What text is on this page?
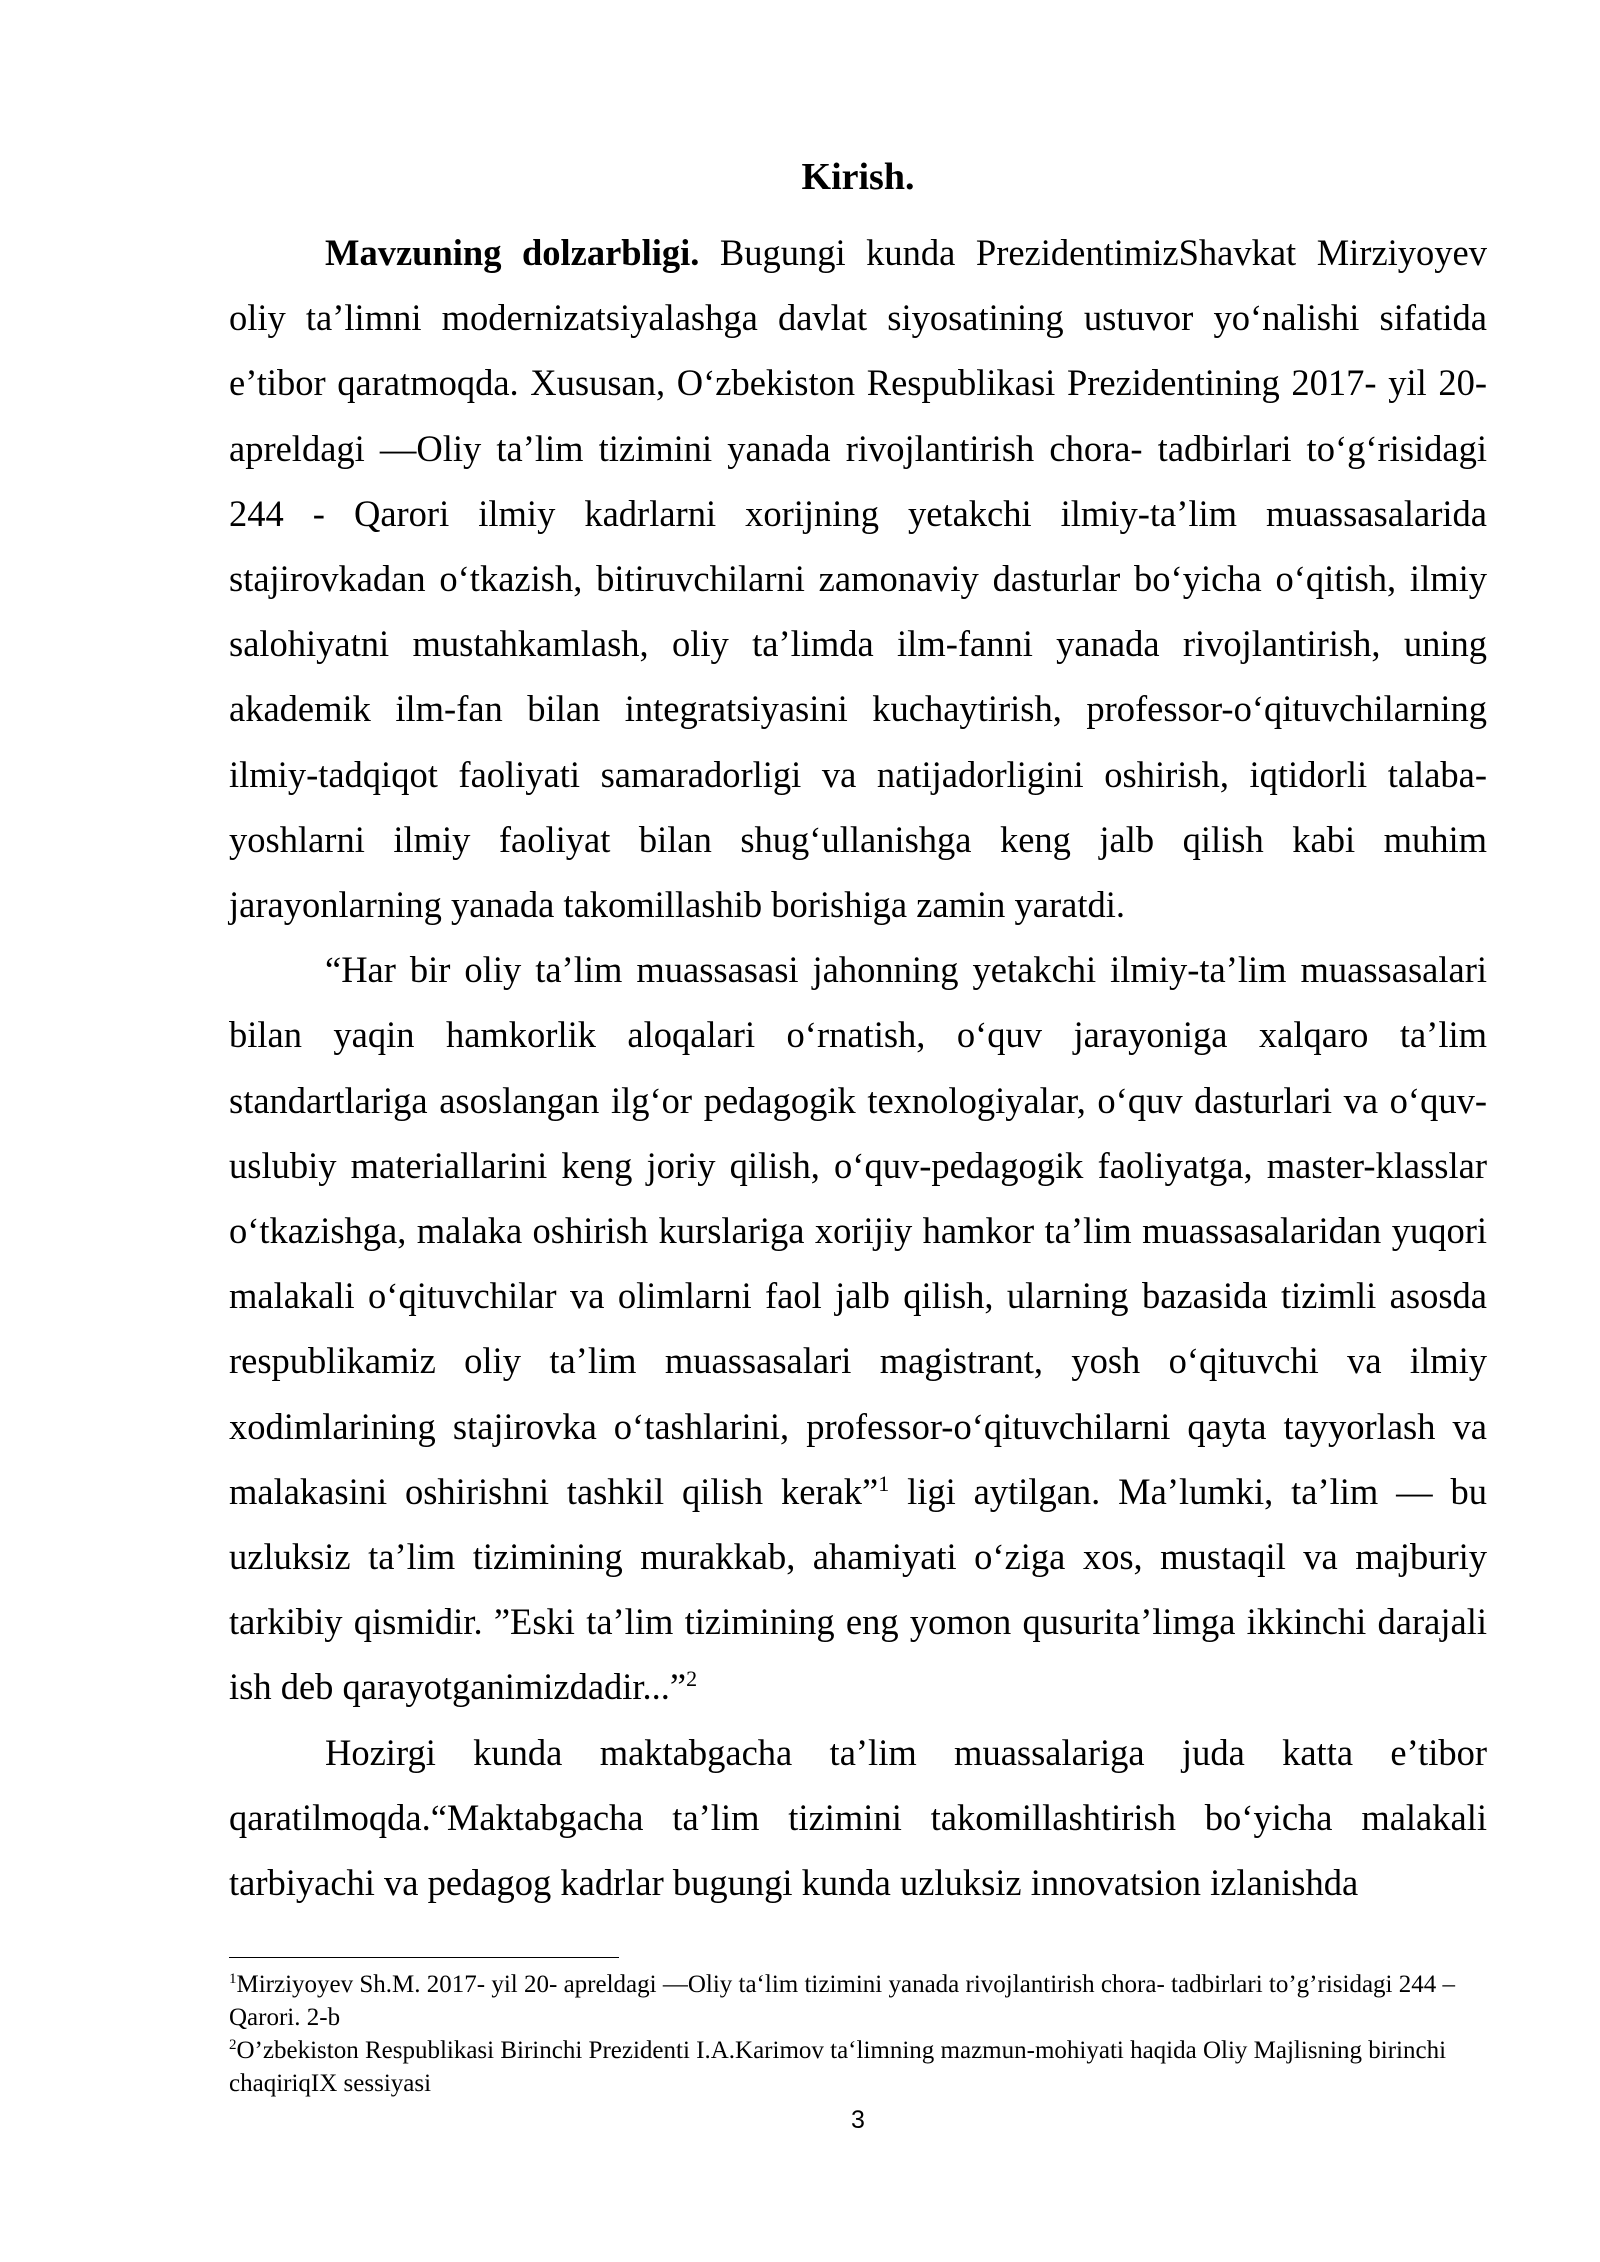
Kirish.

Mavzuning dolzarbligi. Bugungi kunda PrezidentimizShavkat Mirziyoyev oliy ta’limni modernizatsiyalashga davlat siyosatining ustuvor yo‘nalishi sifatida e’tibor qaratmoqda. Xususan, O‘zbekiston Respublikasi Prezidentining 2017- yil 20- apreldagi ―Oliy ta’lim tizimini yanada rivojlantirish chora- tadbirlari to‘g‘risidagi 244 - Qarori ilmiy kadrlarni xorijning yetakchi ilmiy-ta’lim muassasalarida stajirovkadan o‘tkazish, bitiruvchilarni zamonaviy dasturlar bo‘yicha o‘qitish, ilmiy salohiyatni mustahkamlash, oliy ta’limda ilm-fanni yanada rivojlantirish, uning akademik ilm-fan bilan integratsiyasini kuchaytirish, professor-o‘qituvchilarning ilmiy-tadqiqot faoliyati samaradorligi va natijadorligini oshirish, iqtidorli talaba-yoshlarni ilmiy faoliyat bilan shug‘ullanishga keng jalb qilish kabi muhim jarayonlarning yanada takomillashib borishiga zamin yaratdi.

“Har bir oliy ta’lim muassasasi jahonning yetakchi ilmiy-ta’lim muassasalari bilan yaqin hamkorlik aloqalari o‘rnatish, o‘quv jarayoniga xalqaro ta’lim standartlariga asoslangan ilg‘or pedagogik texnologiyalar, o‘quv dasturlari va o‘quv-uslubiy materiallarini keng joriy qilish, o‘quv-pedagogik faoliyatga, master-klasslar o‘tkazishga, malaka oshirish kurslariga xorijiy hamkor ta’lim muassasalaridan yuqori malakali o‘qituvchilar va olimlarni faol jalb qilish, ularning bazasida tizimli asosda respublikamiz oliy ta’lim muassasalari magistrant, yosh o‘qituvchi va ilmiy xodimlarining stajirovka o‘tashlarini, professor-o‘qituvchilarni qayta tayyorlash va malakasini oshirishni tashkil qilish kerak”$^1$ ligi aytilgan. Ma’lumki, ta’lim — bu uzluksiz ta’lim tizimining murakkab, ahamiyati o‘ziga xos, mustaqil va majburiy tarkibiy qismidir. ”Eski ta’lim tizimining eng yomon qusurita’limga ikkinchi darajali ish deb qarayotganimizdadir...”$^2$

Hozirgi kunda maktabgacha ta’lim muassalariga juda katta e’tibor qaratilmoqda.“Maktabgacha ta’lim tizimini takomillashtirish bo‘yicha malakali tarbiyachi va pedagog kadrlar bugungi kunda uzluksiz innovatsion izlanishda

$^1$Mirziyoyev Sh.M. 2017- yil 20- apreldagi ―Oliy ta‘lim tizimini yanada rivojlantirish chora- tadbirlari to’g’risidagi 244 – Qarori. 2-b

$^2$O’zbekiston Respublikasi Birinchi Prezidenti I.A.Karimov ta‘limning mazmun-mohiyati haqida Oliy Majlisning birinchi chaqiriqIX sessiyasi

3
